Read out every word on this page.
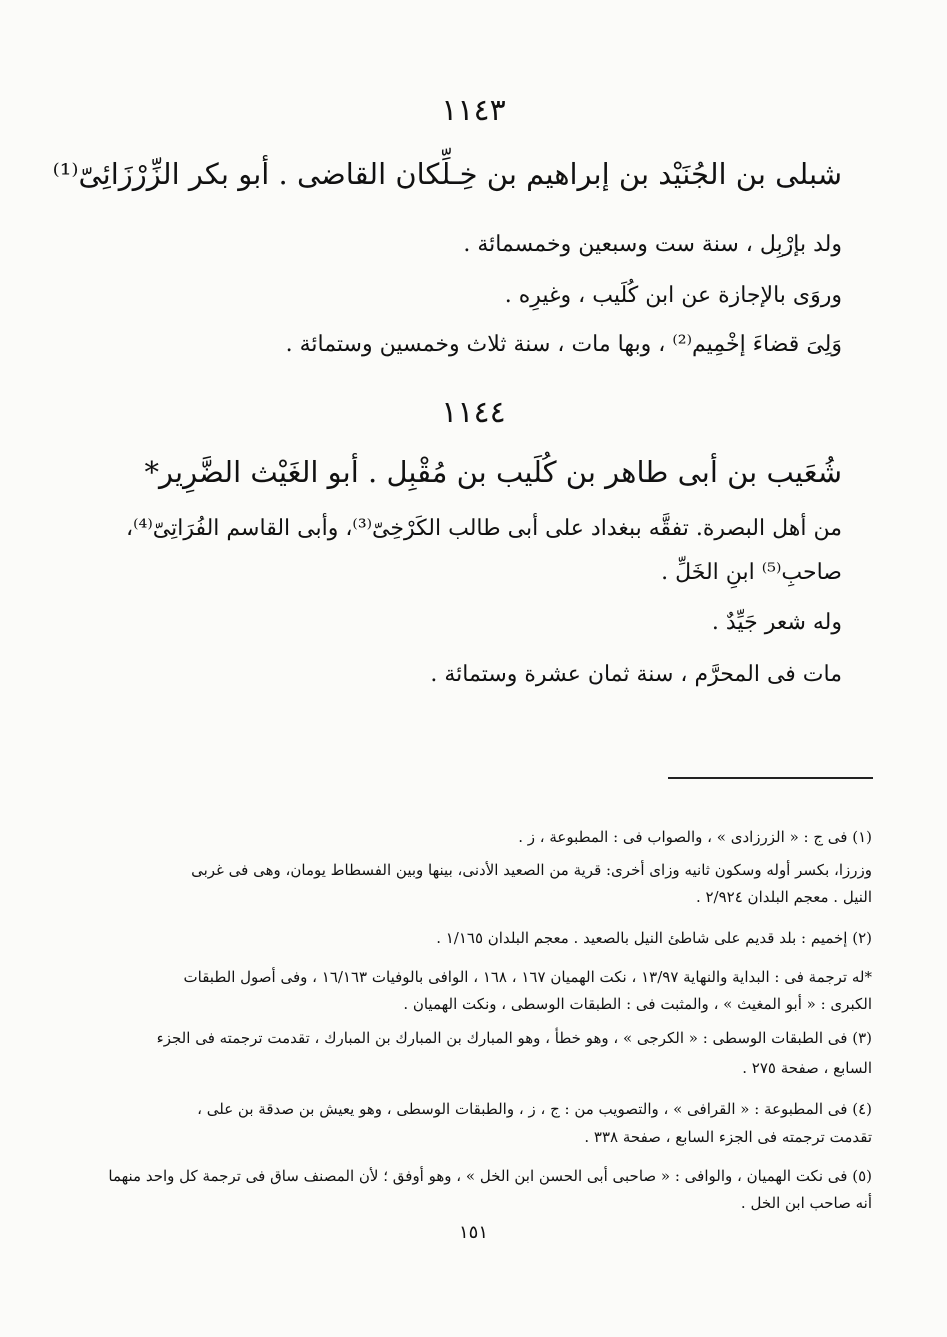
١١٤٣
شبلى بن الجُنَيْد بن إبراهيم بن خِـلِّكان القاضى . أبو بكر الزِّرْزَائِىّ⁽¹⁾
ولد بإرْبِل ، سنة ست وسبعين وخمسمائة .
وروَى بالإجازة عن ابن كُلَيب ، وغيرِه .
وَلِىَ قضاءَ إخْمِيم⁽²⁾ ، وبها مات ، سنة ثلاث وخمسين وستمائة .
١١٤٤
شُعَيب بن أبى طاهر بن كُلَيب بن مُقْبِل . أبو الغَيْث الضَّرِير*
من أهل البصرة. تفقَّه ببغداد على أبى طالب الكَرْخِىّ⁽³⁾، وأبى القاسم الفُرَاتِىّ⁽⁴⁾،
صاحبِ⁽⁵⁾ ابنِ الخَلِّ .
وله شعر جَيِّدٌ .
مات فى المحرَّم ، سنة ثمان عشرة وستمائة .
(١) فى ج : « الزرزادى » ، والصواب فى : المطبوعة ، ز .
وزرزا، بكسر أوله وسكون ثانيه وزاى أخرى: قرية من الصعيد الأدنى، بينها وبين الفسطاط يومان، وهى فى غربى
النيل . معجم البلدان ٢/٩٢٤ .
(٢) إخميم : بلد قديم على شاطئ النيل بالصعيد . معجم البلدان ١/١٦٥ .
*له ترجمة فى : البداية والنهاية ١٣/٩٧ ، نكت الهميان ١٦٧ ، ١٦٨ ، الوافى بالوفيات ١٦/١٦٣ ، وفى أصول الطبقات
الكبرى : « أبو المغيث » ، والمثبت فى : الطبقات الوسطى ، ونكت الهميان .
(٣) فى الطبقات الوسطى : « الكرجى » ، وهو خطأ ، وهو المبارك بن المبارك بن المبارك ، تقدمت ترجمته فى الجزء
السابع ، صفحة ٢٧٥ .
(٤) فى المطبوعة : « القرافى » ، والتصويب من : ج ، ز ، والطبقات الوسطى ، وهو يعيش بن صدقة بن على ،
تقدمت ترجمته فى الجزء السابع ، صفحة ٣٣٨ .
(٥) فى نكت الهميان ، والوافى : « صاحبى أبى الحسن ابن الخل » ، وهو أوفق ؛ لأن المصنف ساق فى ترجمة كل واحد منهما
أنه صاحب ابن الخل .
١٥١
